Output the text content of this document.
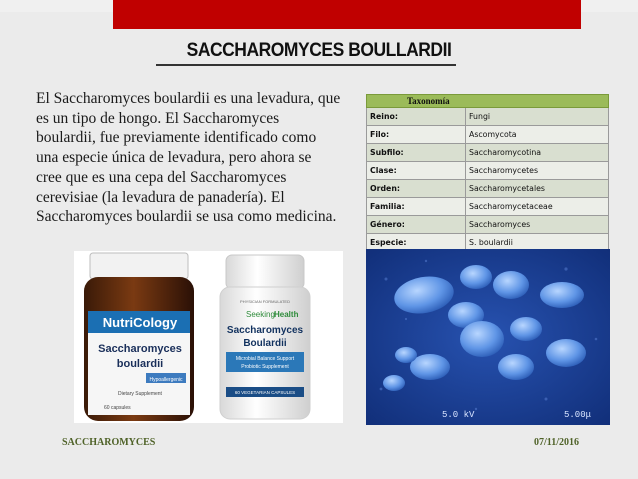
SACCHAROMYCES BOULLARDII
El Saccharomyces boulardii es una levadura, que es un tipo de hongo. El Saccharomyces boulardii, fue previamente identificado como una especie única de levadura, pero ahora se cree que es una cepa del Saccharomyces cerevisiae (la levadura de panadería). El Saccharomyces boulardii se usa como medicina.
Taxonomía	
Reino:	Fungi
Filo:	Ascomycota
Subfilo:	Saccharomycotina
Clase:	Saccharomycetes
Orden:	Saccharomycetales
Familia:	Saccharomycetaceae
Género:	Saccharomyces
Especie:	S. boulardii
NutriCology
Saccharomyces
boulardii
Hypoallergenic
Dietary Supplement
60 capsules
PHYSICIAN FORMULATED
Seeking Health
Saccharomyces
Boulardii
Microbial Balance Support
Probiotic Supplement
60 VEGETARIAN CAPSULES
5.0 kV	5.00μ
SACCHAROMYCES	07/11/2016
